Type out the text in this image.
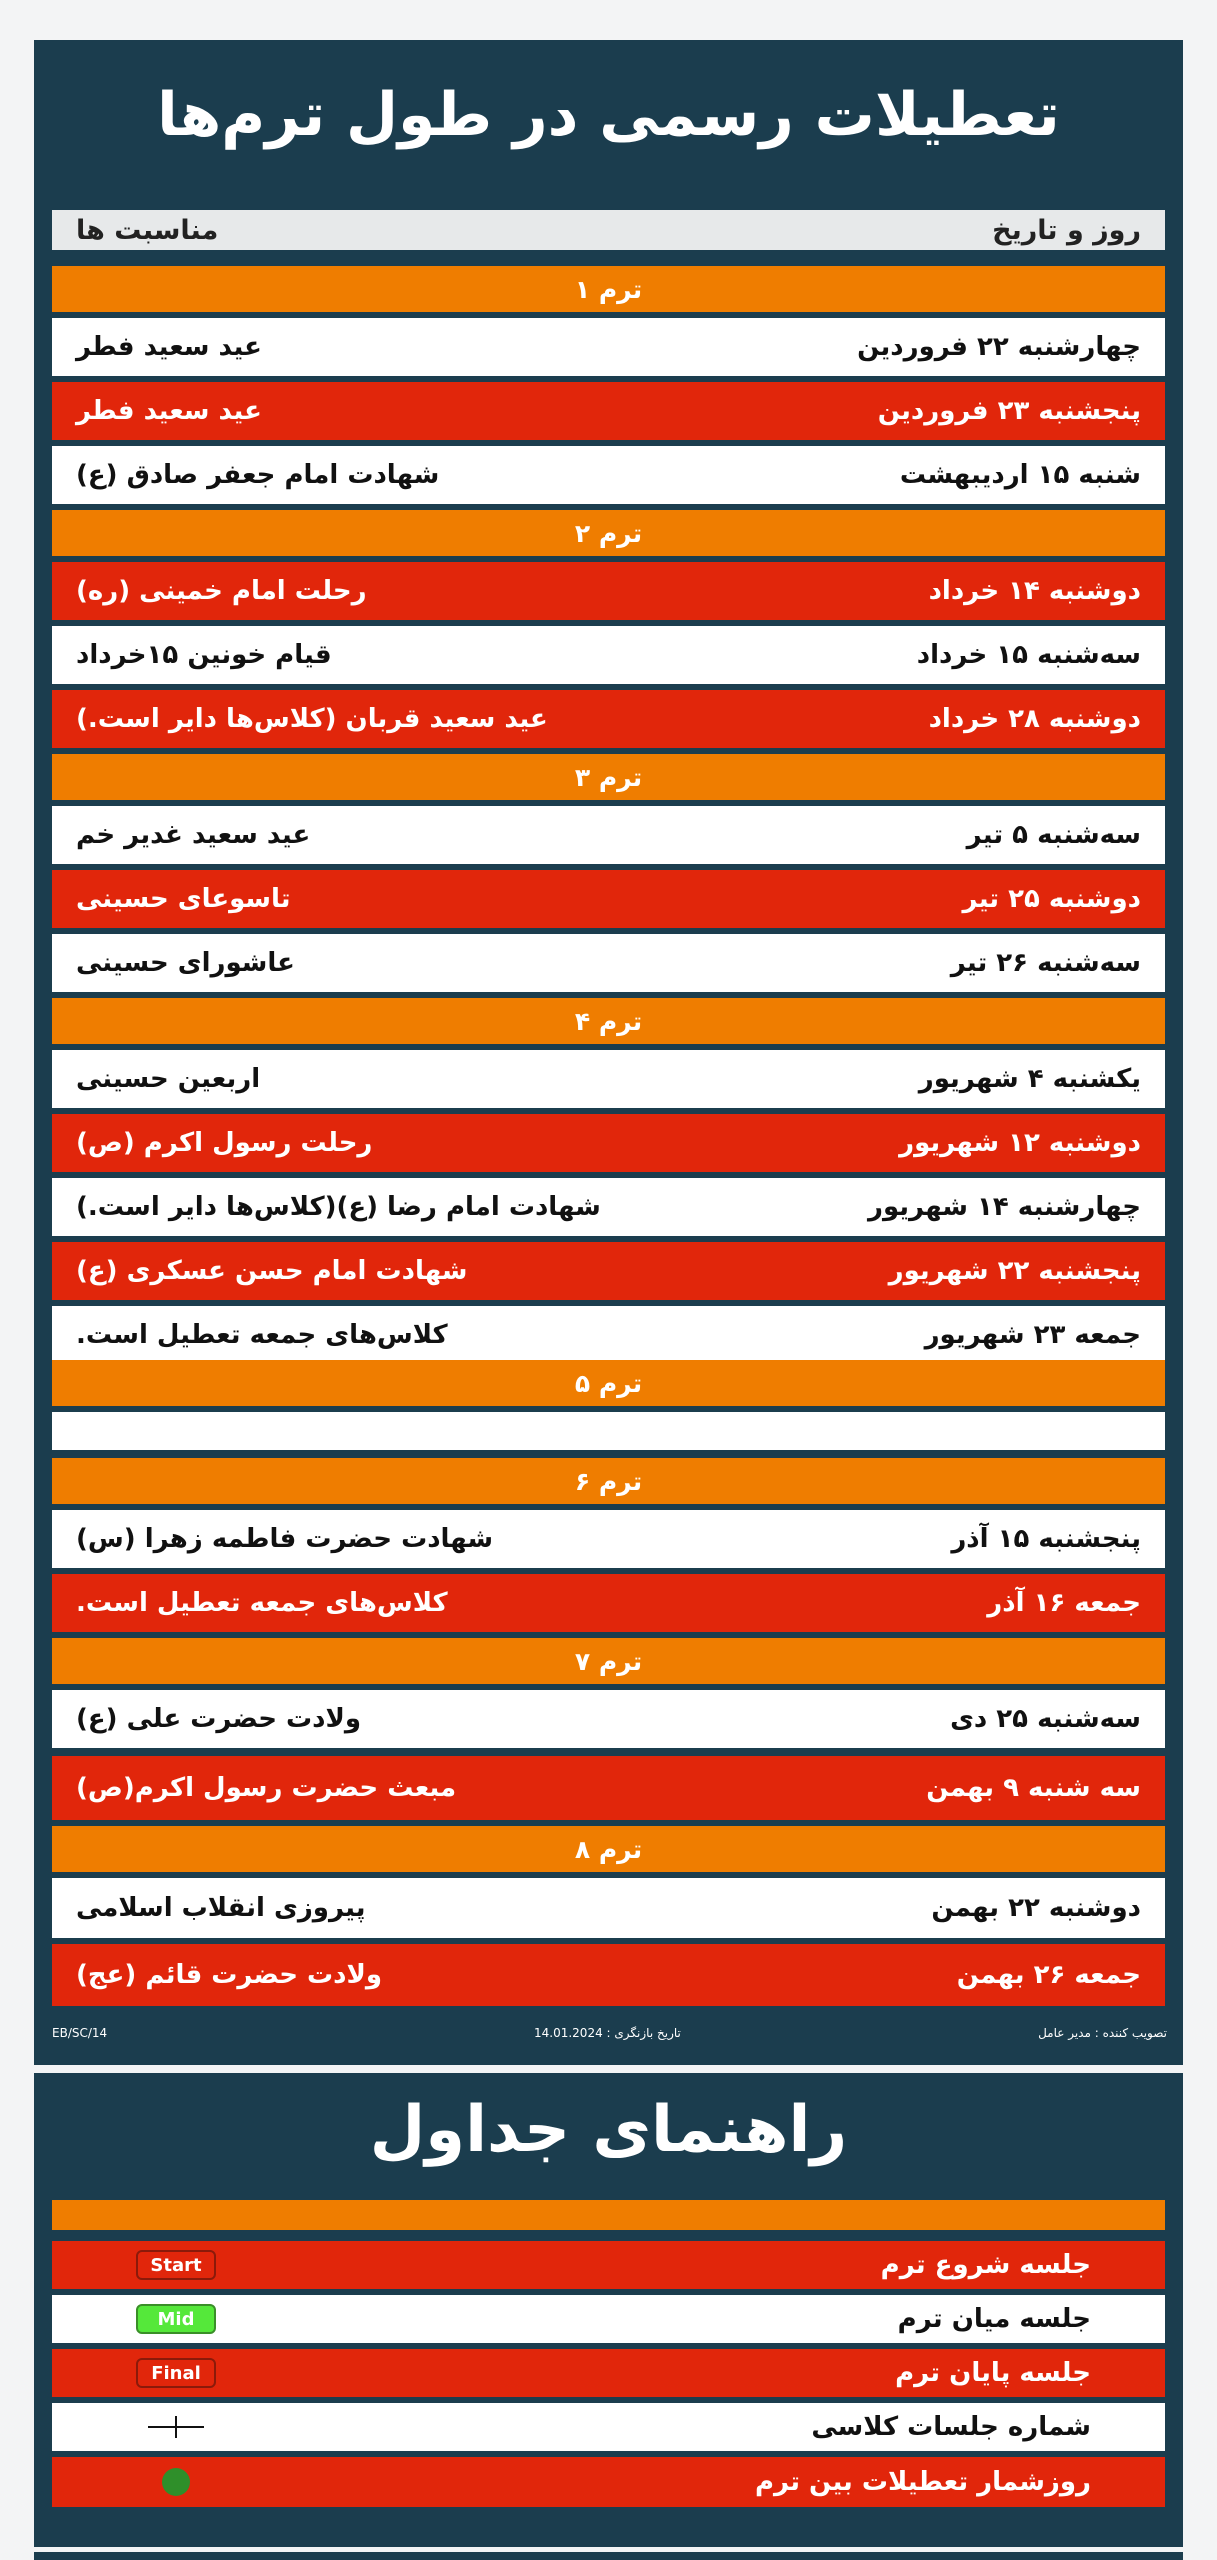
تعطیلات رسمی در طول ترم‌ها
روز و تاریخ
مناسبت ها
ترم ۱
چهارشنبه ۲۲ فروردین
عید سعید فطر
پنجشنبه ۲۳ فروردین
عید سعید فطر
شنبه ۱۵ اردیبهشت
شهادت امام جعفر صادق (ع)
ترم ۲
دوشنبه ۱۴ خرداد
رحلت امام خمینی (ره)
سه‌شنبه ۱۵ خرداد
قیام خونین ۱۵خرداد
دوشنبه ۲۸ خرداد
عید سعید قربان (کلاس‌ها دایر است.)
ترم ۳
سه‌شنبه ۵ تیر
عید سعید غدیر خم
دوشنبه ۲۵ تیر
تاسوعای حسینی
سه‌شنبه ۲۶ تیر
عاشورای حسینی
ترم ۴
یکشنبه ۴ شهریور
اربعین حسینی
دوشنبه ۱۲ شهریور
رحلت رسول اکرم (ص)
چهارشنبه ۱۴ شهریور
شهادت امام رضا (ع)(کلاس‌ها دایر است.)
پنجشنبه ۲۲ شهریور
شهادت امام حسن عسکری (ع)
جمعه ۲۳ شهریور
کلاس‌های جمعه تعطیل است.
ترم ۵
ترم ۶
پنجشنبه ۱۵ آذر
شهادت حضرت فاطمه زهرا (س)
جمعه ۱۶ آذر
کلاس‌های جمعه تعطیل است.
ترم ۷
سه‌شنبه ۲۵ دی
ولادت حضرت علی (ع)
سه شنبه ۹ بهمن
مبعث حضرت رسول اکرم(ص)
ترم ۸
دوشنبه ۲۲ بهمن
پیروزی انقلاب اسلامی
جمعه ۲۶ بهمن
ولادت حضرت قائم (عج)
تصویب کننده : مدیر عامل
تاریخ بازنگری : 14.01.2024
EB/SC/14
جلسه شروع ترم
Start
جلسه میان ترم
Mid
جلسه پایان ترم
Final
شماره جلسات کلاسی
روزشمار تعطیلات بین ترم
راهنمای جداول
